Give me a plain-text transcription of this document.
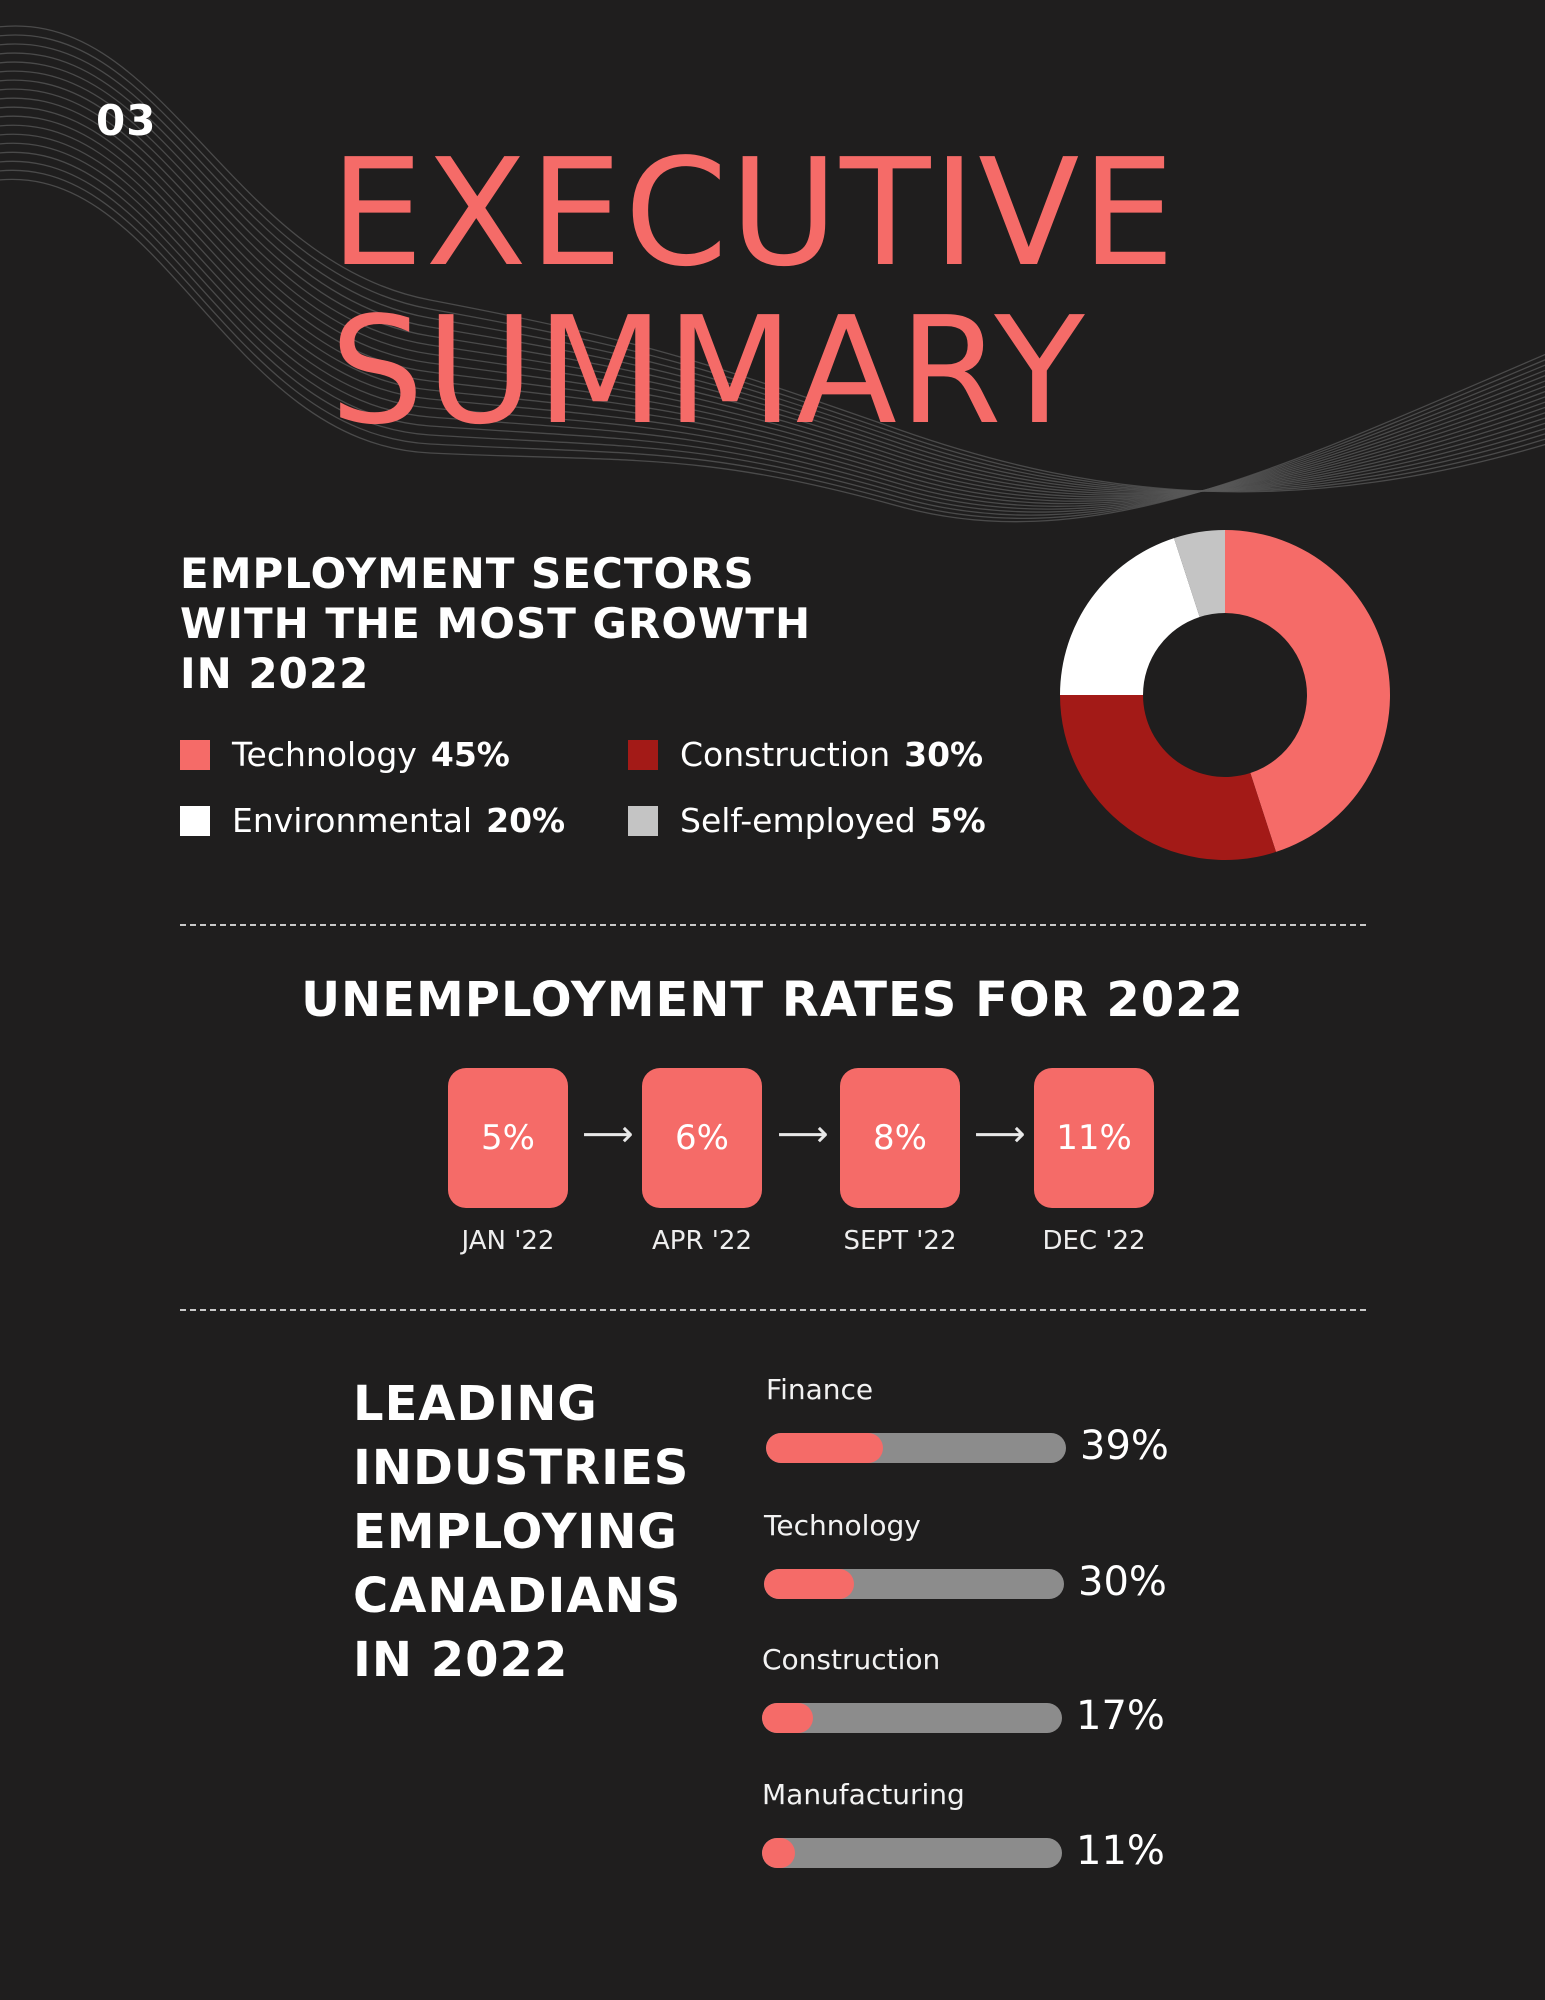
03
EXECUTIVE
SUMMARY
EMPLOYMENT SECTORS
WITH THE MOST GROWTH
IN 2022
Technology 45%	Construction 30%
Environmental 20%	Self-employed 5%
UNEMPLOYMENT RATES FOR 2022
5%	⟶	6%	⟶	8%	⟶ 11%
JAN '22	APR '22	SEPT '22	DEC '22
LEADING
INDUSTRIES
EMPLOYING
CANADIANS
IN 2022
Finance
39%
Technology
30%
Construction
17%
Manufacturing
11%
